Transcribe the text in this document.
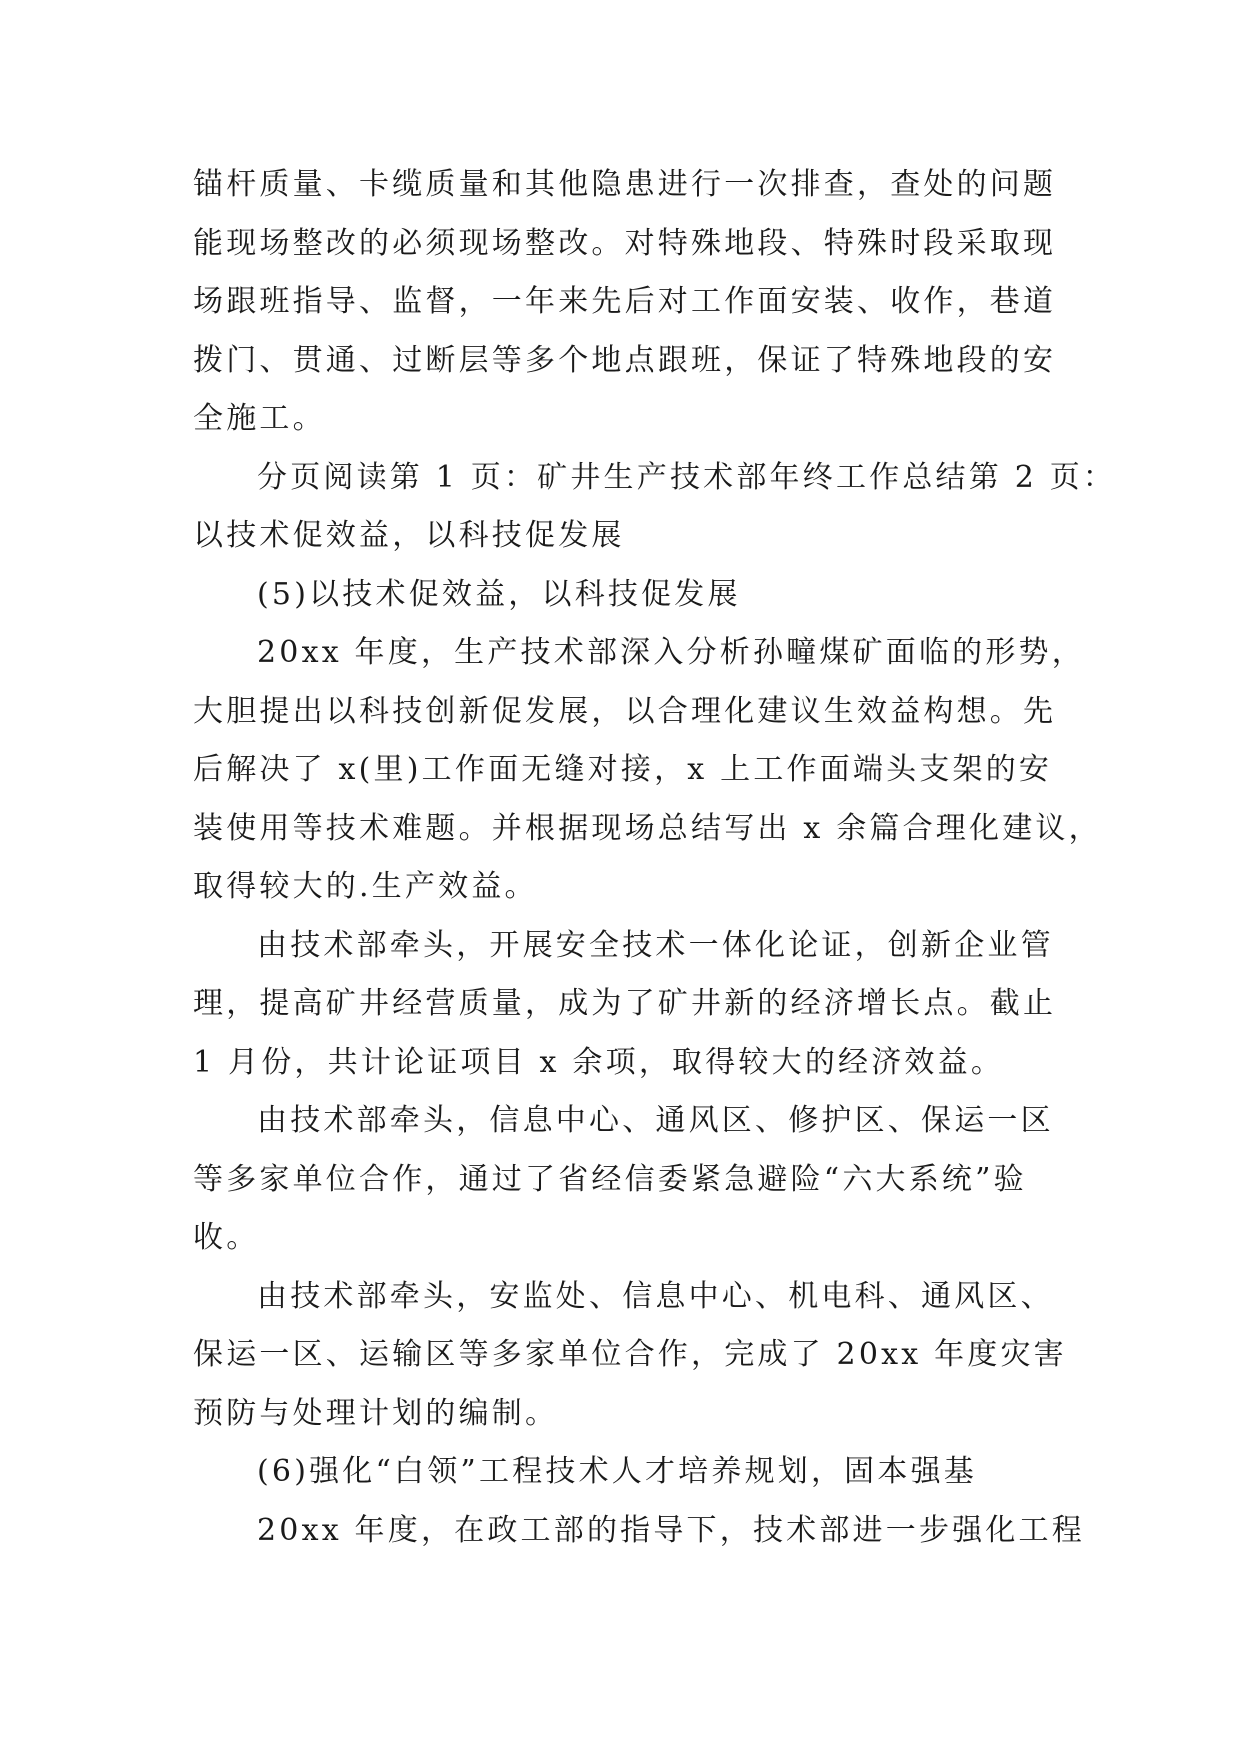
锚杆质量、卡缆质量和其他隐患进行一次排查，查处的问题
能现场整改的必须现场整改。对特殊地段、特殊时段采取现
场跟班指导、监督，一年来先后对工作面安装、收作，巷道
拨门、贯通、过断层等多个地点跟班，保证了特殊地段的安
全施工。

分页阅读第 1 页：矿井生产技术部年终工作总结第 2 页：
以技术促效益，以科技促发展

(5)以技术促效益，以科技促发展

20xx 年度，生产技术部深入分析孙疃煤矿面临的形势，
大胆提出以科技创新促发展，以合理化建议生效益构想。先
后解决了 x(里)工作面无缝对接，x 上工作面端头支架的安
装使用等技术难题。并根据现场总结写出 x 余篇合理化建议，
取得较大的.生产效益。

由技术部牵头，开展安全技术一体化论证，创新企业管
理，提高矿井经营质量，成为了矿井新的经济增长点。截止
1 月份，共计论证项目 x 余项，取得较大的经济效益。

由技术部牵头，信息中心、通风区、修护区、保运一区
等多家单位合作，通过了省经信委紧急避险“六大系统”验
收。

由技术部牵头，安监处、信息中心、机电科、通风区、
保运一区、运输区等多家单位合作，完成了 20xx 年度灾害
预防与处理计划的编制。

(6)强化“白领”工程技术人才培养规划，固本强基

20xx 年度，在政工部的指导下，技术部进一步强化工程
